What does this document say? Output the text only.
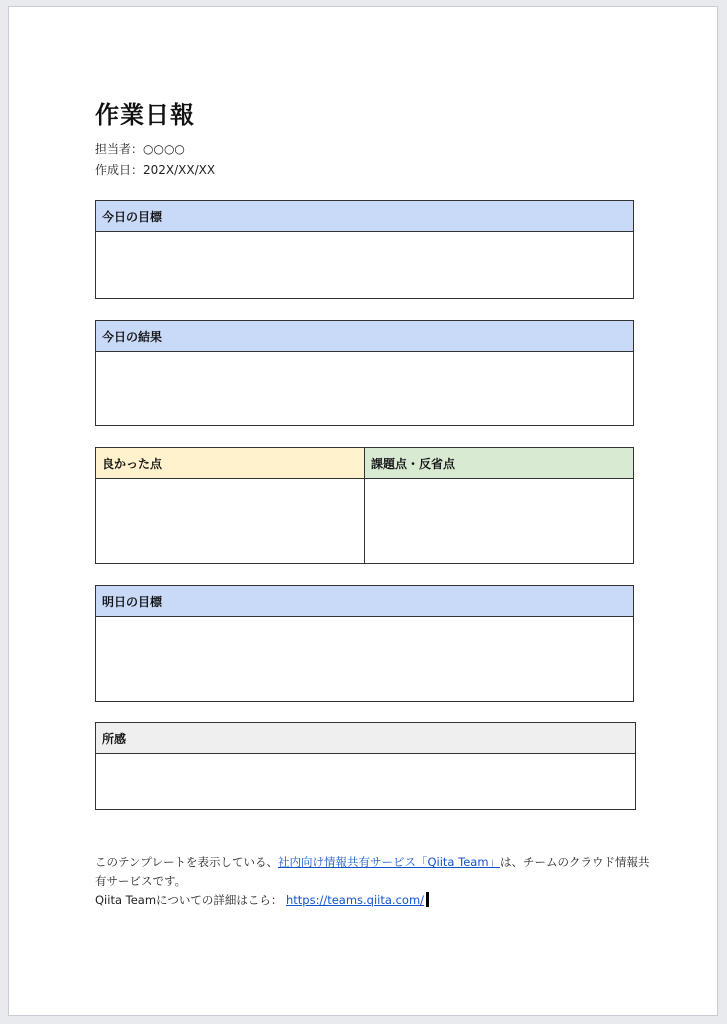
作業日報
担当者：○○○○
作成日：202X/XX/XX
今日の目標

今日の結果

良かった点	課題点・反省点

明日の目標

所感

このテンプレートを表示している、社内向け情報共有サービス「Qiita Team」は、チームのクラウド情報共有サービスです。
Qiita Teamについての詳細はこら： https://teams.qiita.com/
